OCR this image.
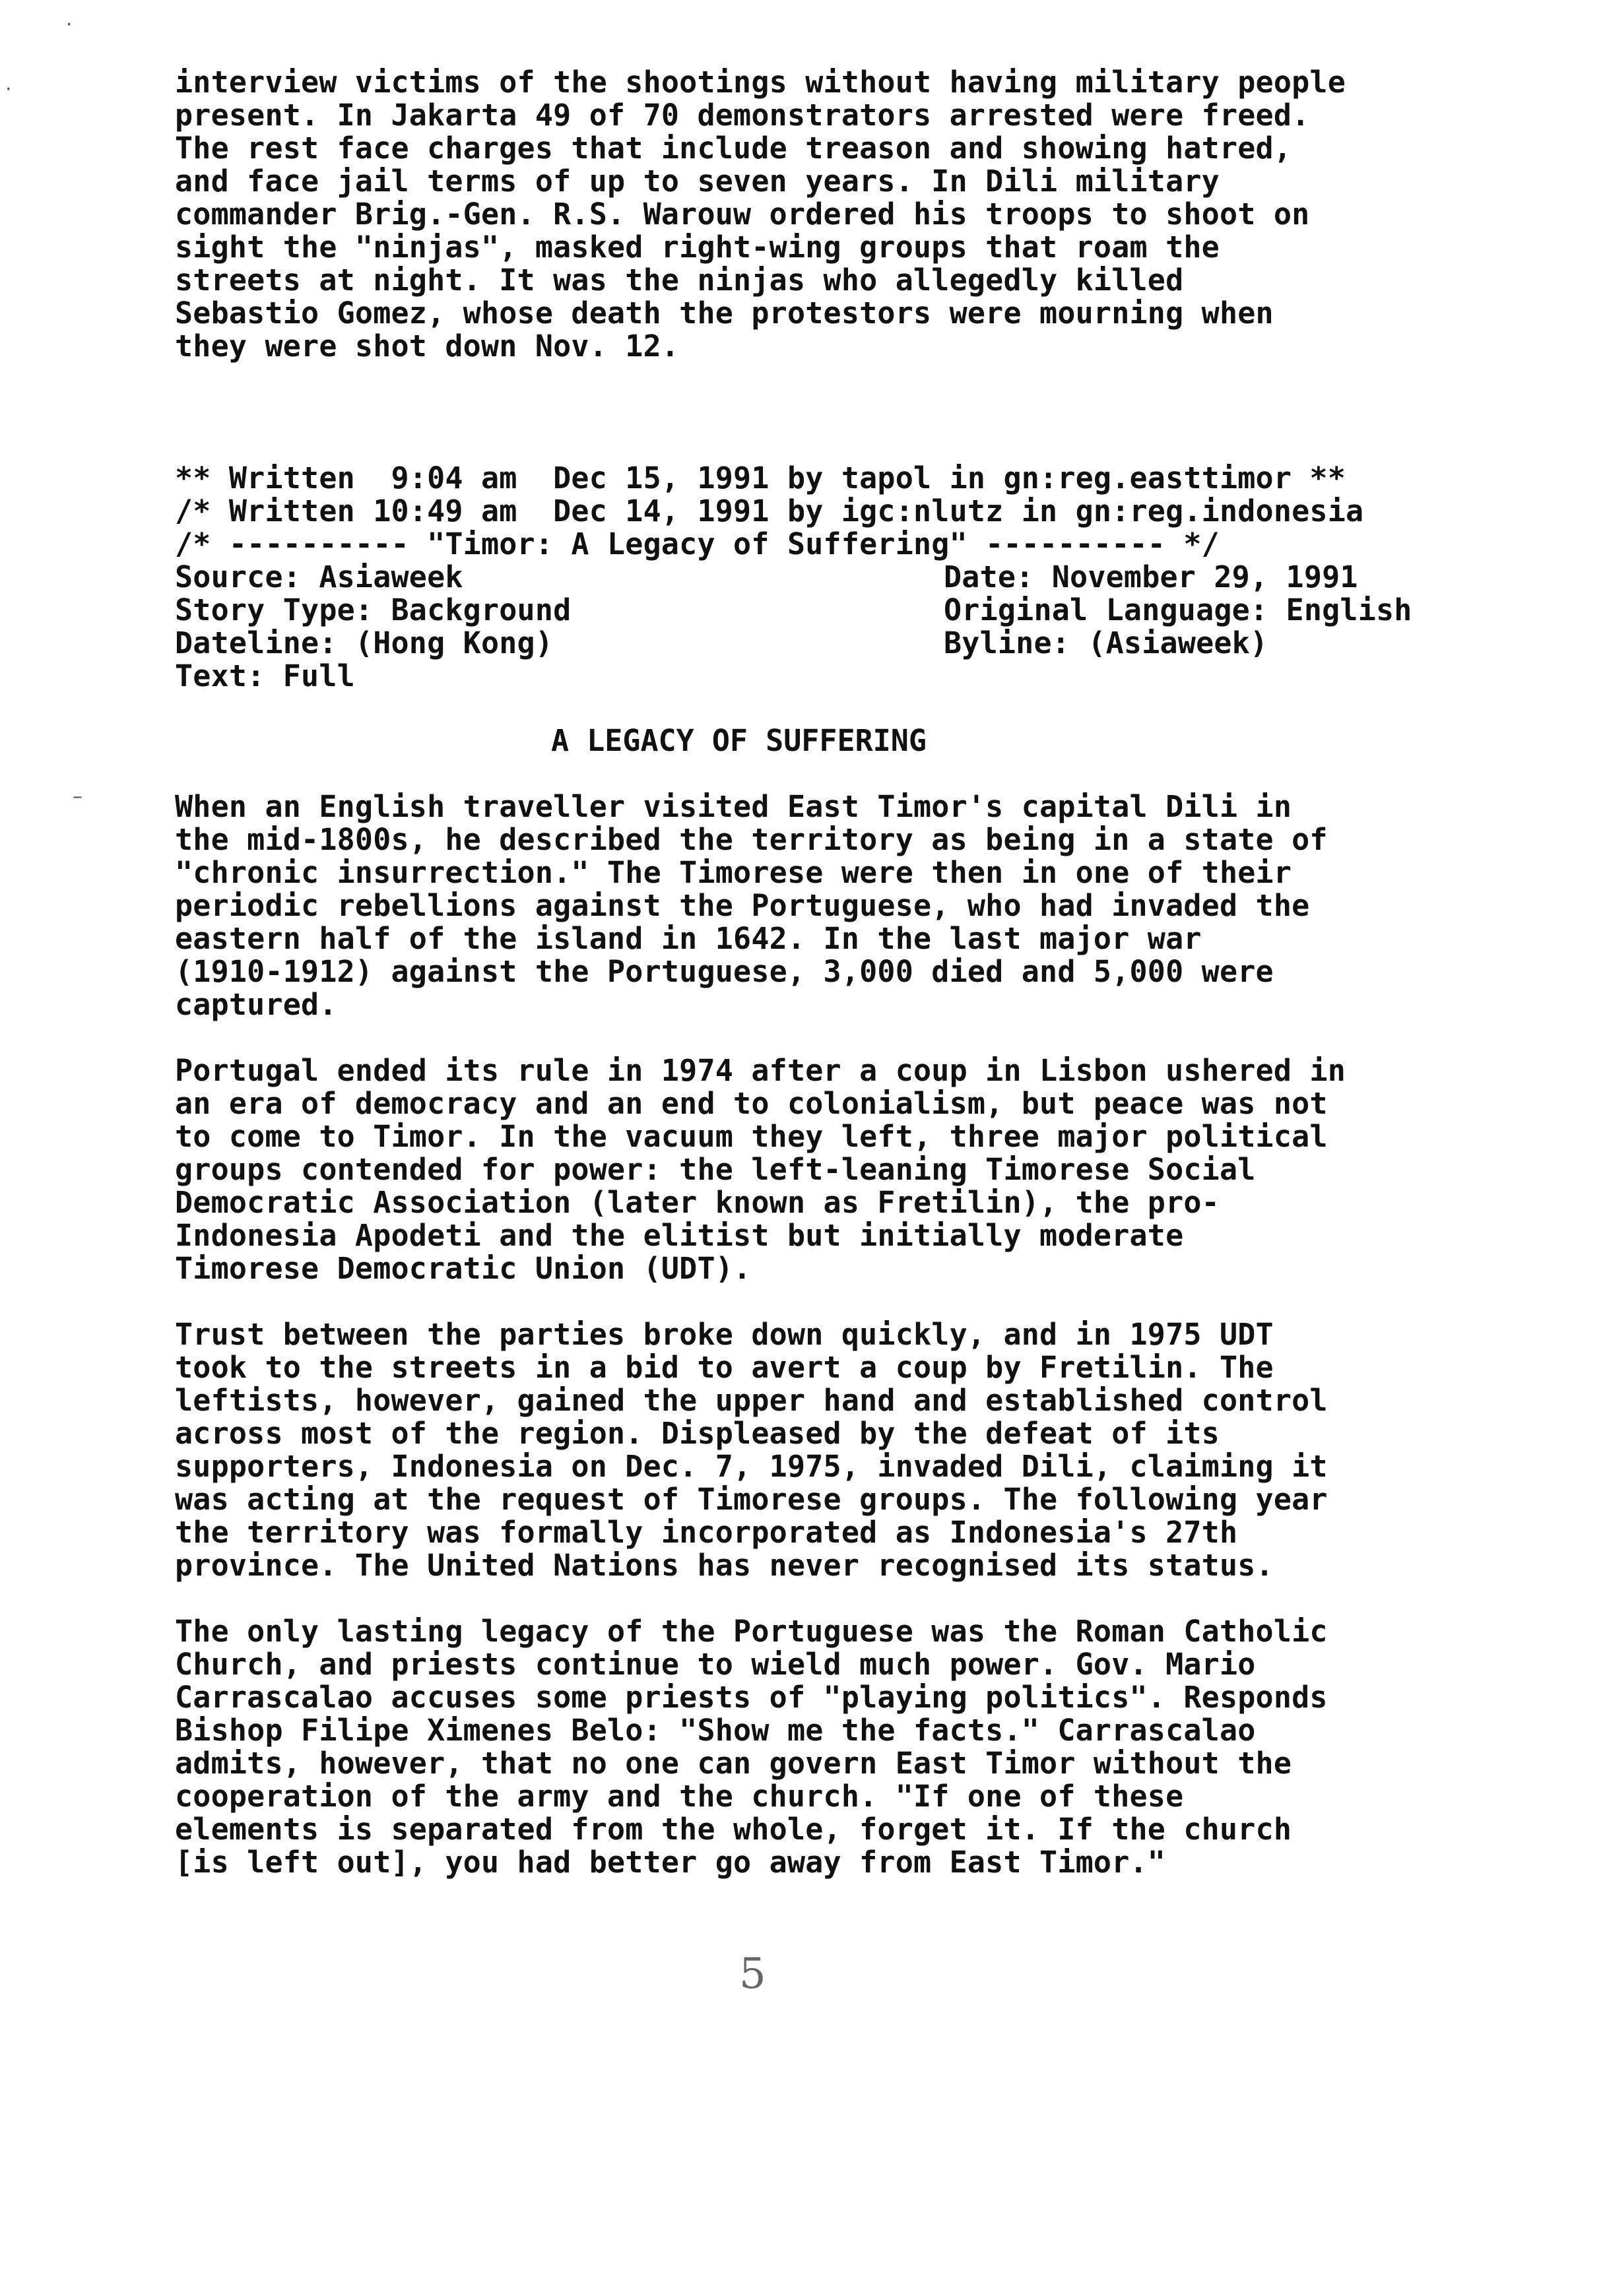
interview victims of the shootings without having military people
present. In Jakarta 49 of 70 demonstrators arrested were freed.
The rest face charges that include treason and showing hatred,
and face jail terms of up to seven years. In Dili military
commander Brig.-Gen. R.S. Warouw ordered his troops to shoot on
sight the "ninjas", masked right-wing groups that roam the
streets at night. It was the ninjas who allegedly killed
Sebastio Gomez, whose death the protestors were mourning when
they were shot down Nov. 12.
** Written  9:04 am  Dec 15, 1991 by tapol in gn:reg.easttimor **
/* Written 10:49 am  Dec 14, 1991 by igc:nlutz in gn:reg.indonesia
/* ---------- "Timor: A Legacy of Suffering" ---------- */
Source: Asiaweek	Date: November 29, 1991
Story Type: Background	Original Language: English
Dateline: (Hong Kong)	Byline: (Asiaweek)
Text: Full
A LEGACY OF SUFFERING
When an English traveller visited East Timor's capital Dili in
the mid-1800s, he described the territory as being in a state of
"chronic insurrection." The Timorese were then in one of their
periodic rebellions against the Portuguese, who had invaded the
eastern half of the island in 1642. In the last major war
(1910-1912) against the Portuguese, 3,000 died and 5,000 were
captured.
Portugal ended its rule in 1974 after a coup in Lisbon ushered in
an era of democracy and an end to colonialism, but peace was not
to come to Timor. In the vacuum they left, three major political
groups contended for power: the left-leaning Timorese Social
Democratic Association (later known as Fretilin), the pro-
Indonesia Apodeti and the elitist but initially moderate
Timorese Democratic Union (UDT).
Trust between the parties broke down quickly, and in 1975 UDT
took to the streets in a bid to avert a coup by Fretilin. The
leftists, however, gained the upper hand and established control
across most of the region. Displeased by the defeat of its
supporters, Indonesia on Dec. 7, 1975, invaded Dili, claiming it
was acting at the request of Timorese groups. The following year
the territory was formally incorporated as Indonesia's 27th
province. The United Nations has never recognised its status.
The only lasting legacy of the Portuguese was the Roman Catholic
Church, and priests continue to wield much power. Gov. Mario
Carrascalao accuses some priests of "playing politics". Responds
Bishop Filipe Ximenes Belo: "Show me the facts." Carrascalao
admits, however, that no one can govern East Timor without the
cooperation of the army and the church. "If one of these
elements is separated from the whole, forget it. If the church
[is left out], you had better go away from East Timor."
5
·
·
–
